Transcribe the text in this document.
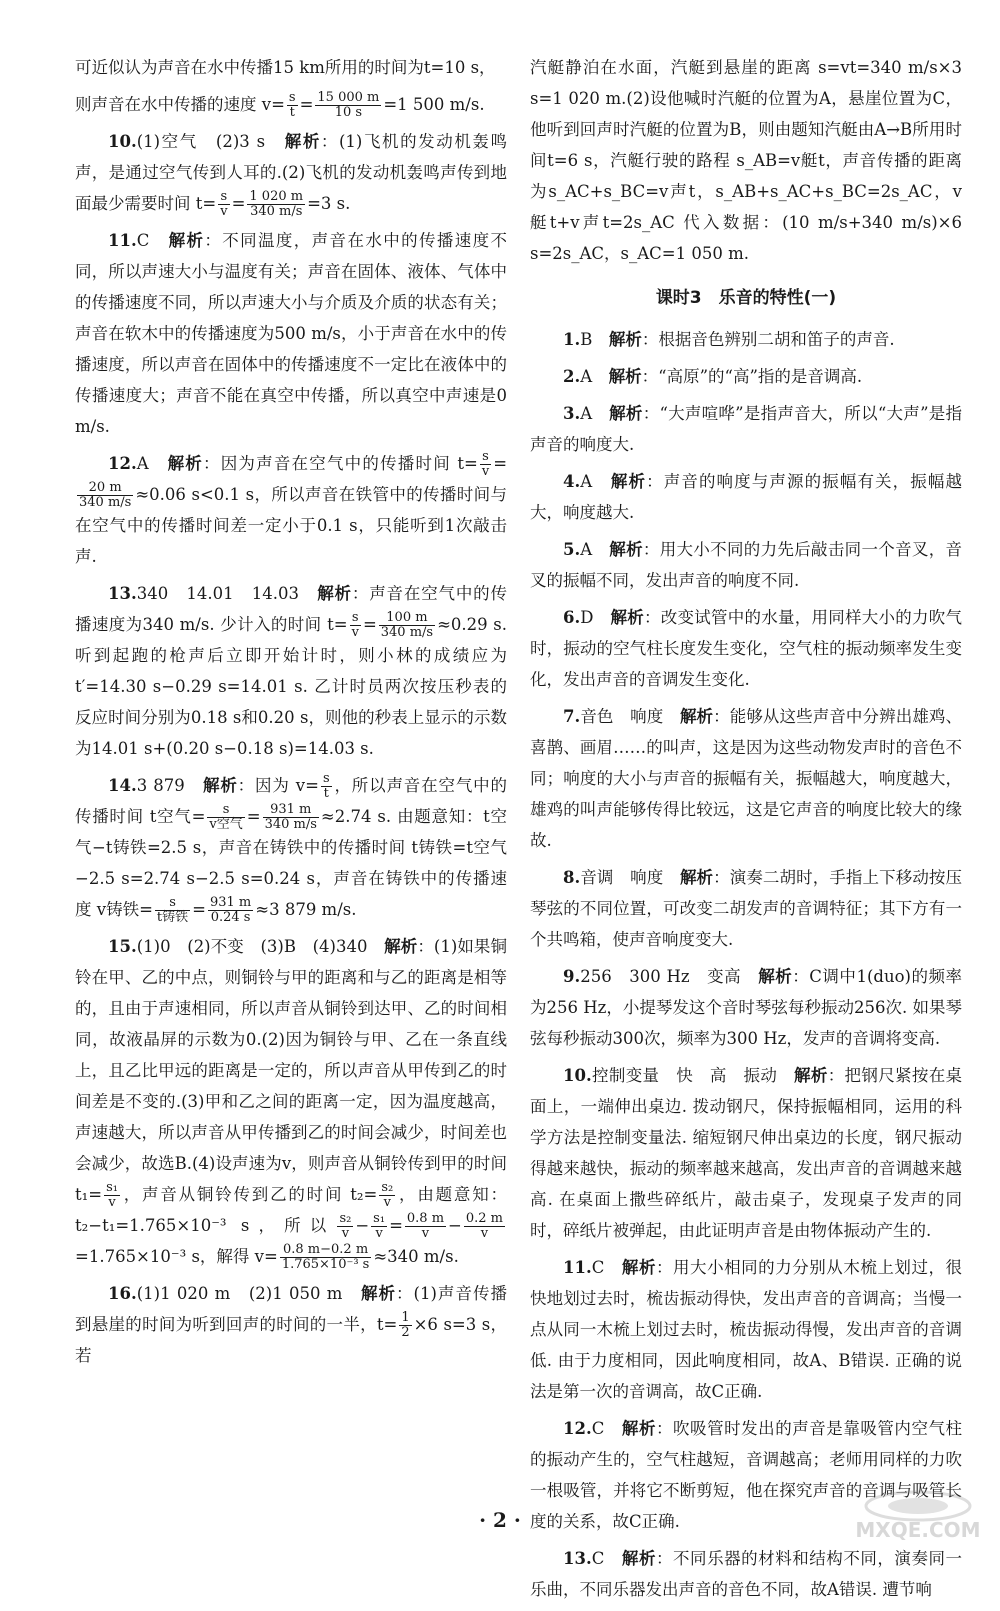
可近似认为声音在水中传播15 km所用的时间为t=10 s，

则声音在水中传播的速度 $v= \frac{s}{t} = \frac{15 000 m}{10 s} =1$ 500 m/s.

10.(1)空气　(2)3 s　解析：(1)飞机的发动机轰鸣声，是通过空气传到人耳的.(2)飞机的发动机轰鸣声传到地面最少需要时间 $t= \frac{s}{v} = \frac{1 020 m}{340 m/s} =3$ s.

11.C　解析：不同温度，声音在水中的传播速度不同，所以声速大小与温度有关；声音在固体、液体、气体中的传播速度不同，所以声速大小与介质及介质的状态有关；声音在软木中的传播速度为500 m/s，小于声音在水中的传播速度，所以声音在固体中的传播速度不一定比在液体中的传播速度大；声音不能在真空中传播，所以真空中声速是0 m/s.

12.A　解析：因为声音在空气中的传播时间 $t= \frac{s}{v}$ =
$\frac{20 m}{340 m/s} \approx 0.06$ s<0.1 s，所以声音在铁管中的传播时间与在空气中的传播时间差一定小于0.1 s，只能听到1次敲击声.

13.340　14.01　14.03　解析：声音在空气中的传播速度为340 m/s. 少计入的时间 $t= \frac{s}{v} = \frac{100 m}{340 m/s} \approx 0.29$ s. 听到起跑的枪声后立即开始计时，则小林的成绩应为 t′=14.30 s−0.29 s=14.01 s. 乙计时员两次按压秒表的反应时间分别为0.18 s和0.20 s，则他的秒表上显示的示数为14.01 s+(0.20 s−0.18 s)=14.03 s.

14.3 879　解析：因为 $v= \frac{s}{t}$ ，所以声音在空气中的传播时间 t空气= $\frac{s}{\text{v空气}} = \frac{931 m}{340 m/s} \approx 2.74$ s. 由题意知：t空气−t铸铁=2.5 s，声音在铸铁中的传播时间 t铸铁=t空气−2.5 s=2.74 s−2.5 s=0.24 s，声音在铸铁中的传播速度 v铸铁= $\frac{s}{\text{t铸铁}} = \frac{931 m}{0.24 s} \approx 3$ 879 m/s.

15.(1)0　(2)不变　(3)B　(4)340　解析：(1)如果铜铃在甲、乙的中点，则铜铃与甲的距离和与乙的距离是相等的，且由于声速相同，所以声音从铜铃到达甲、乙的时间相同，故液晶屏的示数为0.(2)因为铜铃与甲、乙在一条直线上，且乙比甲远的距离是一定的，所以声音从甲传到乙的时间差是不变的.(3)甲和乙之间的距离一定，因为温度越高，声速越大，所以声音从甲传播到乙的时间会减少，时间差也会减少，故选B.(4)设声速为v，则声音从铜铃传到甲的时间 $t_1= \frac{\text{s₁}}{v}$ ，声音从铜铃传到乙的时间 $t_2= \frac{\text{s₂}}{v}$ ，由题意知：t₂−t₁=1.765×10⁻³ s，所以 $\frac{\text{s₂}}{v} - \frac{\text{s₁}}{v} = \frac{0.8 m}{v} - \frac{0.2 m}{v}$
=1.765×10⁻³ s，解得 $v= \frac{0.8 m-0.2 m}{\text{1.765×10⁻³ s}} \approx 340$ m/s.

16.(1)1 020 m　(2)1 050 m　解析：(1)声音传播到悬崖的时间为听到回声的时间的一半，$t= \frac{1}{2} \times 6$ s=3 s，若

汽艇静泊在水面，汽艇到悬崖的距离 s=vt=340 m/s×3 s=1 020 m.(2)设他喊时汽艇的位置为A，悬崖位置为C，他听到回声时汽艇的位置为B，则由题知汽艇由A→B所用时间t=6 s，汽艇行驶的路程 s_AB=v艇t，声音传播的距离为s_AC+s_BC=v声t，s_AB+s_AC+s_BC=2s_AC，v艇t+v声t=2s_AC 代入数据：(10 m/s+340 m/s)×6 s=2s_AC，s_AC=1 050 m.

课时3　乐音的特性(一)

1.B　解析：根据音色辨别二胡和笛子的声音.

2.A　解析：“高原”的“高”指的是音调高.

3.A　解析：“大声喧哗”是指声音大，所以“大声”是指声音的响度大.

4.A　解析：声音的响度与声源的振幅有关，振幅越大，响度越大.

5.A　解析：用大小不同的力先后敲击同一个音叉，音叉的振幅不同，发出声音的响度不同.

6.D　解析：改变试管中的水量，用同样大小的力吹气时，振动的空气柱长度发生变化，空气柱的振动频率发生变化，发出声音的音调发生变化.

7.音色　响度　解析：能够从这些声音中分辨出雄鸡、喜鹊、画眉……的叫声，这是因为这些动物发声时的音色不同；响度的大小与声音的振幅有关，振幅越大，响度越大，雄鸡的叫声能够传得比较远，这是它声音的响度比较大的缘故.

8.音调　响度　解析：演奏二胡时，手指上下移动按压琴弦的不同位置，可改变二胡发声的音调特征；其下方有一个共鸣箱，使声音响度变大.

9.256　300 Hz　变高　解析：C调中1(duo)的频率为256 Hz，小提琴发这个音时琴弦每秒振动256次. 如果琴弦每秒振动300次，频率为300 Hz，发声的音调将变高.

10.控制变量　快　高　振动　解析：把钢尺紧按在桌面上，一端伸出桌边. 拨动钢尺，保持振幅相同，运用的科学方法是控制变量法. 缩短钢尺伸出桌边的长度，钢尺振动得越来越快，振动的频率越来越高，发出声音的音调越来越高. 在桌面上撒些碎纸片，敲击桌子，发现桌子发声的同时，碎纸片被弹起，由此证明声音是由物体振动产生的.

11.C　解析：用大小相同的力分别从木梳上划过，很快地划过去时，梳齿振动得快，发出声音的音调高；当慢一点从同一木梳上划过去时，梳齿振动得慢，发出声音的音调低. 由于力度相同，因此响度相同，故A、B错误. 正确的说法是第一次的音调高，故C正确.

12.C　解析：吹吸管时发出的声音是靠吸管内空气柱的振动产生的，空气柱越短，音调越高；老师用同样的力吹一根吸管，并将它不断剪短，他在探究声音的音调与吸管长度的关系，故C正确.

13.C　解析：不同乐器的材料和结构不同，演奏同一乐曲，不同乐器发出声音的音色不同，故A错误. 遭节响

· 2 ·	MXQE.COM
